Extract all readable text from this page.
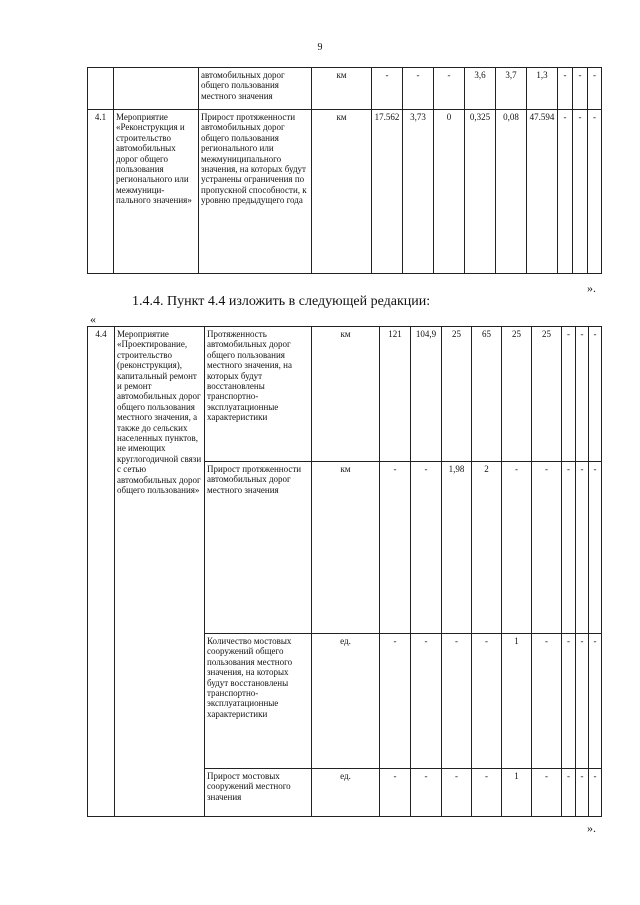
9
		автомобильных дорог общего пользования местного значения	км	-	-	-	3,6	3,7	1,3	-	-	-
4.1	Мероприятие «Реконструкция и строительство автомобильных дорог общего пользования регионального или межмуници-пального значения»	Прирост протяженности автомобильных дорог общего пользования регионального или межмуниципального значения, на которых будут устранены ограничения по пропускной способности, к уровню предыдущего года	км	17.562	3,73	0	0,325	0,08	47.594	-	-	-
».
1.4.4. Пункт 4.4 изложить в следующей редакции:
«
4.4	Мероприятие «Проектирование, строительство (реконструкция), капитальный ремонт и ремонт автомобильных дорог общего пользования местного значения, а также до сельских населенных пунктов, не имеющих круглогодичной связи с сетью автомобильных дорог общего пользования»	Протяженность автомобильных дорог общего пользования местного значения, на которых будут восстановлены транспортно-эксплуатационные характеристики	км	121	104,9	25	65	25	25	-	-	-
		Прирост протяженности автомобильных дорог местного значения	км	-	-	1,98	2	-	-	-	-	-
		Количество мостовых сооружений общего пользования местного значения, на которых будут восстановлены транспортно-эксплуатационные характеристики	ед.	-	-	-	-	1	-	-	-	-
		Прирост мостовых сооружений местного значения	ед.	-	-	-	-	1	-	-	-	-
».
